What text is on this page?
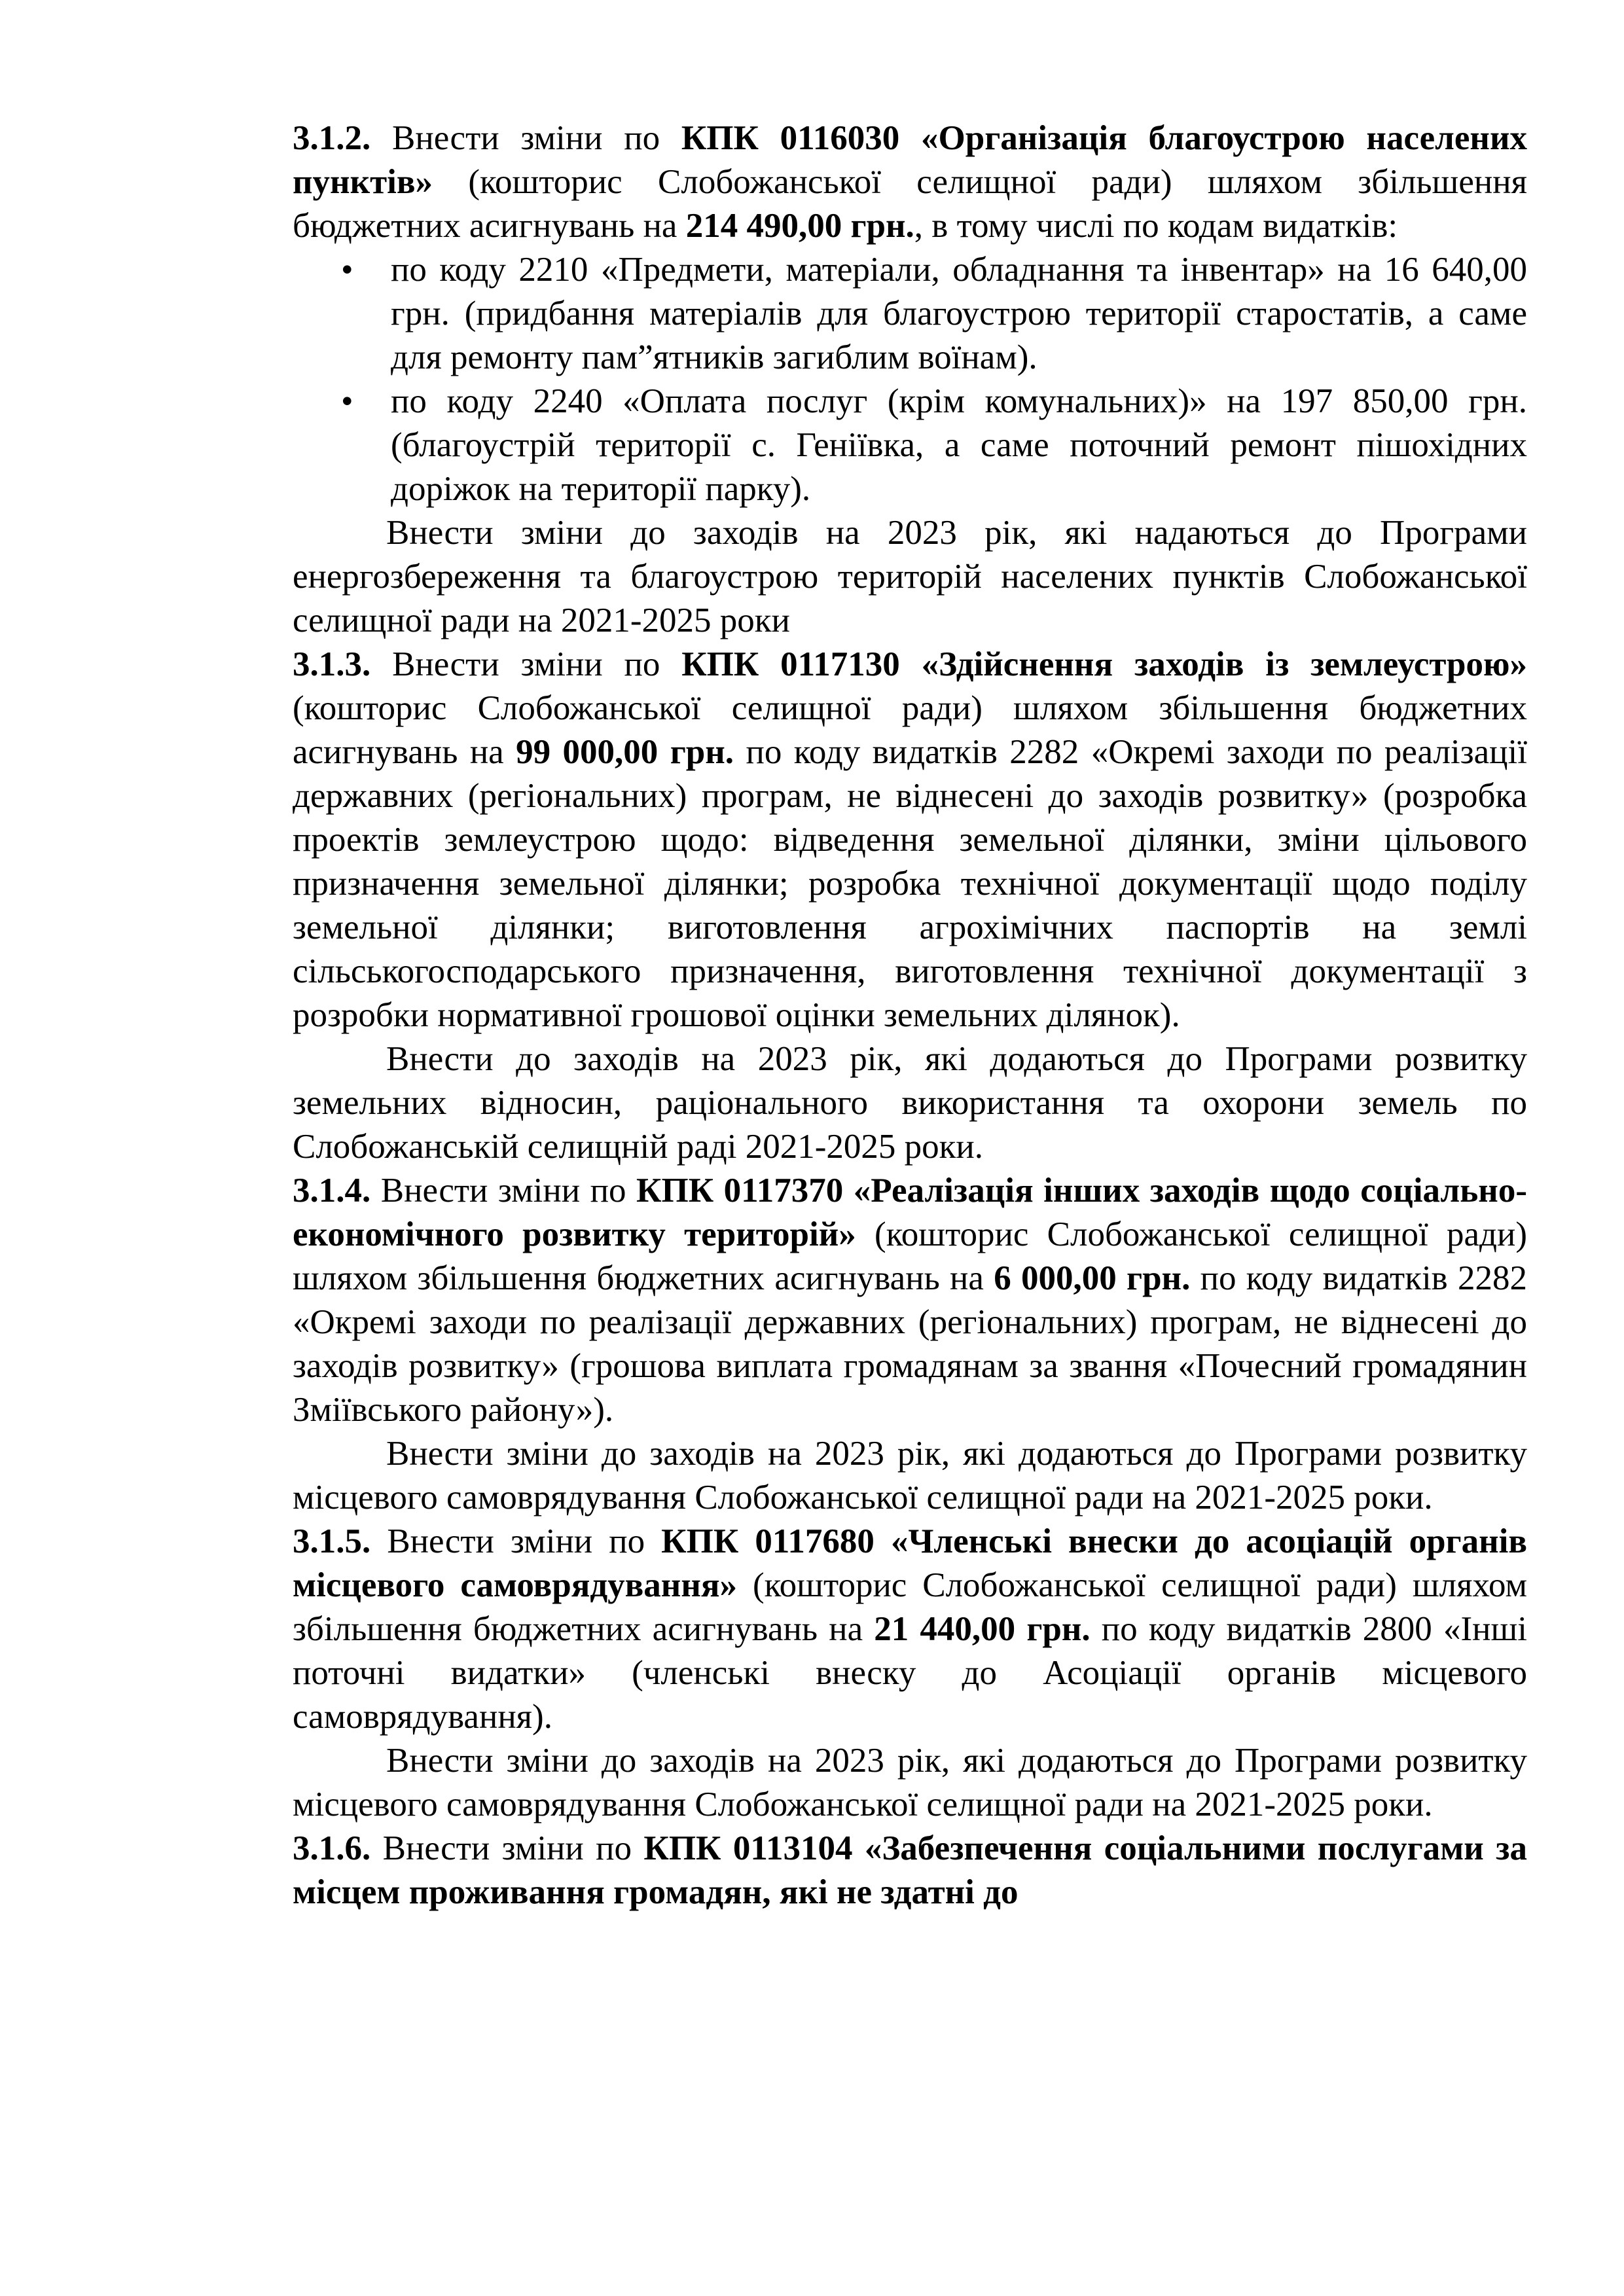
3.1.2. Внести зміни по КПК 0116030 «Організація благоустрою населених пунктів» (кошторис Слобожанської селищної ради) шляхом збільшення бюджетних асигнувань на 214 490,00 грн., в тому числі по кодам видатків:
• по коду 2210 «Предмети, матеріали, обладнання та інвентар» на 16 640,00 грн. (придбання матеріалів для благоустрою території старостатів, а саме для ремонту пам”ятників загиблим воїнам).
• по коду 2240 «Оплата послуг (крім комунальних)» на 197 850,00 грн. (благоустрій території с. Геніївка, а саме поточний ремонт пішохідних доріжок на території парку).
Внести зміни до заходів на 2023 рік, які надаються до Програми енергозбереження та благоустрою територій населених пунктів Слобожанської селищної ради на 2021-2025 роки
3.1.3. Внести зміни по КПК 0117130 «Здійснення заходів із землеустрою» (кошторис Слобожанської селищної ради) шляхом збільшення бюджетних асигнувань на 99 000,00 грн. по коду видатків 2282 «Окремі заходи по реалізації державних (регіональних) програм, не віднесені до заходів розвитку» (розробка проектів землеустрою щодо: відведення земельної ділянки, зміни цільового призначення земельної ділянки; розробка технічної документації щодо поділу земельної ділянки; виготовлення агрохімічних паспортів на землі сільськогосподарського призначення, виготовлення технічної документації з розробки нормативної грошової оцінки земельних ділянок).
Внести до заходів на 2023 рік, які додаються до Програми розвитку земельних відносин, раціонального використання та охорони земель по Слобожанській селищній раді 2021-2025 роки.
3.1.4. Внести зміни по КПК 0117370 «Реалізація інших заходів щодо соціально-економічного розвитку територій» (кошторис Слобожанської селищної ради) шляхом збільшення бюджетних асигнувань на 6 000,00 грн. по коду видатків 2282 «Окремі заходи по реалізації державних (регіональних) програм, не віднесені до заходів розвитку» (грошова виплата громадянам за звання «Почесний громадянин Зміївського району»).
Внести зміни до заходів на 2023 рік, які додаються до Програми розвитку місцевого самоврядування Слобожанської селищної ради на 2021-2025 роки.
3.1.5. Внести зміни по КПК 0117680 «Членські внески до асоціацій органів місцевого самоврядування» (кошторис Слобожанської селищної ради) шляхом збільшення бюджетних асигнувань на 21 440,00 грн. по коду видатків 2800 «Інші поточні видатки» (членські внеску до Асоціації органів місцевого самоврядування).
Внести зміни до заходів на 2023 рік, які додаються до Програми розвитку місцевого самоврядування Слобожанської селищної ради на 2021-2025 роки.
3.1.6. Внести зміни по КПК 0113104 «Забезпечення соціальними послугами за місцем проживання громадян, які не здатні до
